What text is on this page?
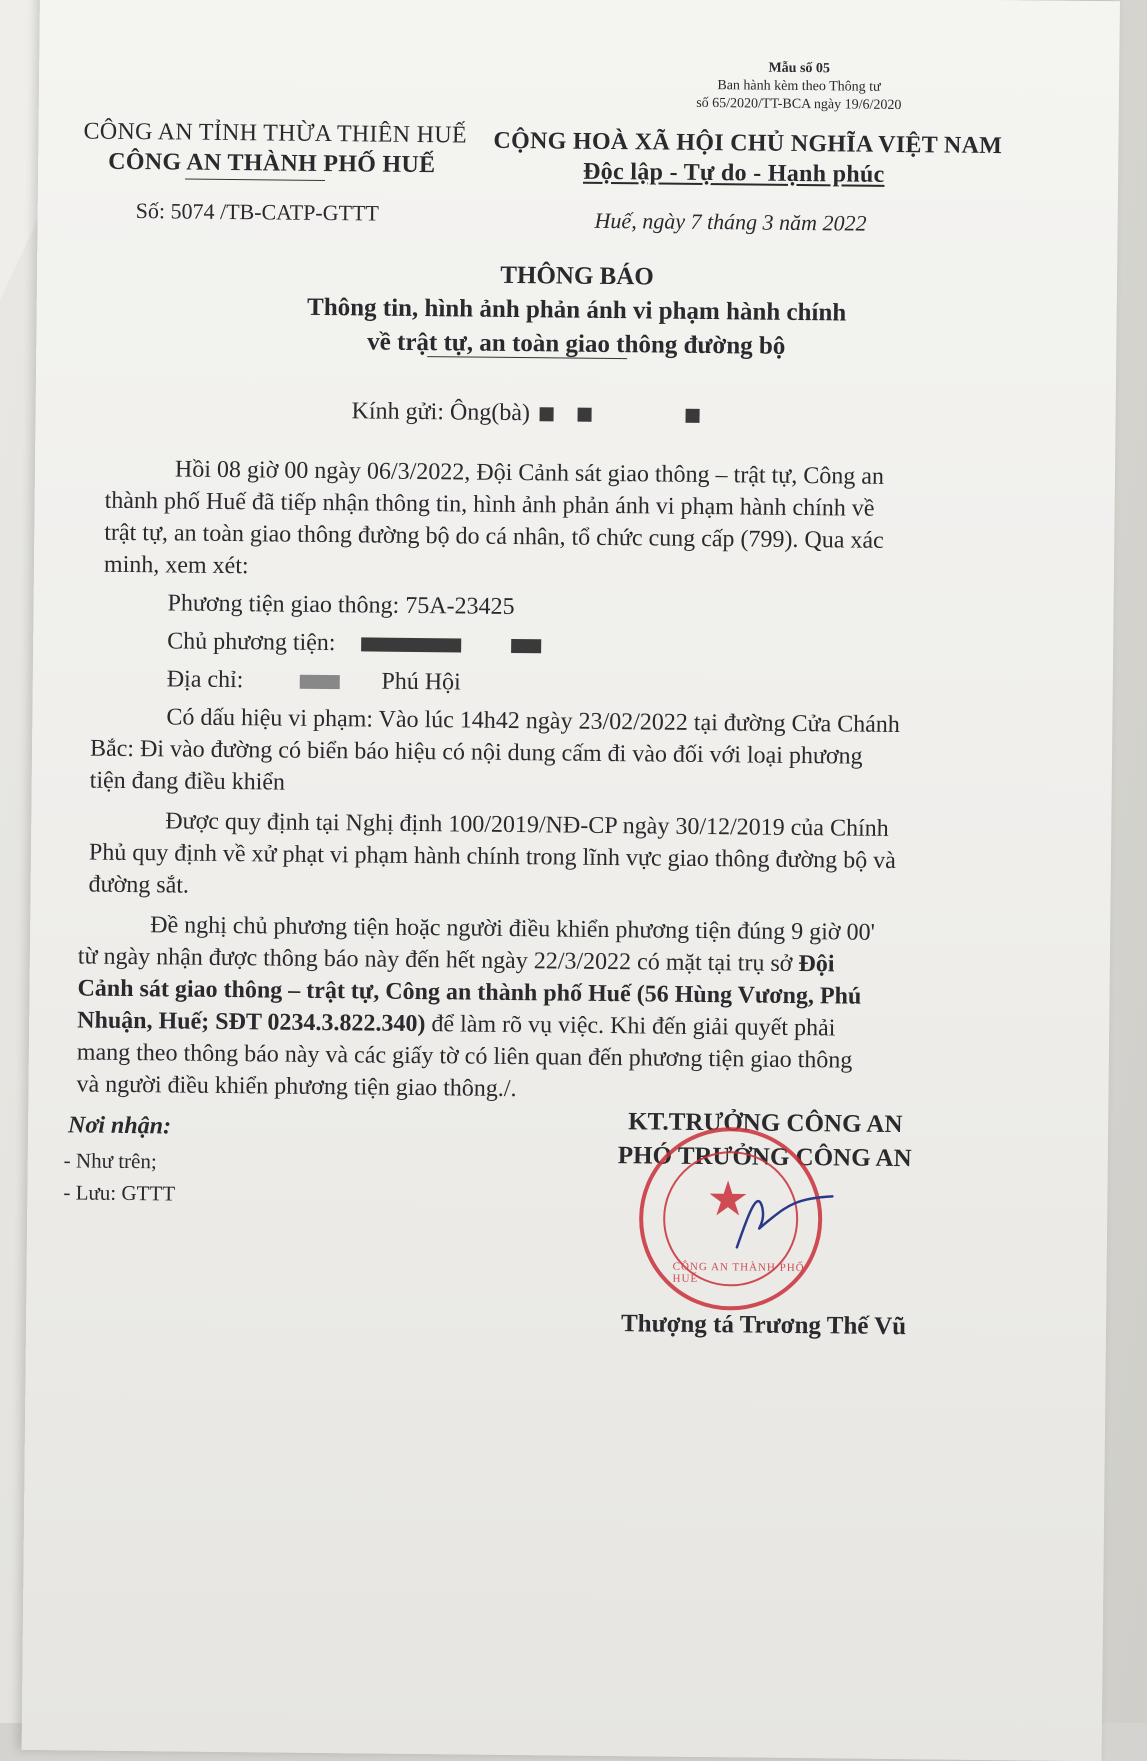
Mẫu số 05
Ban hành kèm theo Thông tư
số 65/2020/TT-BCA ngày 19/6/2020
CÔNG AN TỈNH THỪA THIÊN HUẾ
CÔNG AN THÀNH PHỐ HUẾ
CỘNG HOÀ XÃ HỘI CHỦ NGHĨA VIỆT NAM
Độc lập - Tự do - Hạnh phúc
Số: 5074 /TB-CATP-GTTT	Huế, ngày 7 tháng 3 năm 2022
THÔNG BÁO
Thông tin, hình ảnh phản ánh vi phạm hành chính
về trật tự, an toàn giao thông đường bộ
Kính gửi: Ông(bà)
Hồi 08 giờ 00 ngày 06/3/2022, Đội Cảnh sát giao thông – trật tự, Công an
thành phố Huế đã tiếp nhận thông tin, hình ảnh phản ánh vi phạm hành chính về
trật tự, an toàn giao thông đường bộ do cá nhân, tổ chức cung cấp (799). Qua xác
minh, xem xét:
Phương tiện giao thông: 75A-23425
Chủ phương tiện:
Địa chỉ:	Phú Hội
Có dấu hiệu vi phạm: Vào lúc 14h42 ngày 23/02/2022 tại đường Cửa Chánh
Bắc: Đi vào đường có biển báo hiệu có nội dung cấm đi vào đối với loại phương
tiện đang điều khiển
Được quy định tại Nghị định 100/2019/NĐ-CP ngày 30/12/2019 của Chính
Phủ quy định về xử phạt vi phạm hành chính trong lĩnh vực giao thông đường bộ và
đường sắt.
Đề nghị chủ phương tiện hoặc người điều khiển phương tiện đúng 9 giờ 00'
từ ngày nhận được thông báo này đến hết ngày 22/3/2022 có mặt tại trụ sở Đội
Cảnh sát giao thông – trật tự, Công an thành phố Huế (56 Hùng Vương, Phú
Nhuận, Huế; SĐT 0234.3.822.340) để làm rõ vụ việc. Khi đến giải quyết phải
mang theo thông báo này và các giấy tờ có liên quan đến phương tiện giao thông
và người điều khiển phương tiện giao thông./.
Nơi nhận:
- Như trên;
- Lưu: GTTT
KT.TRƯỞNG CÔNG AN
PHÓ TRƯỞNG CÔNG AN
★
CÔNG AN THÀNH PHỐ HUẾ
Thượng tá Trương Thế Vũ
